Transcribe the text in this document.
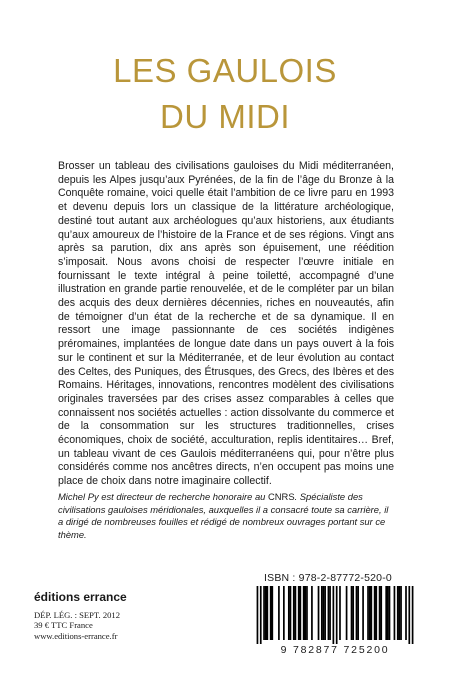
LES GAULOIS
DU MIDI
Brosser un tableau des civilisations gauloises du Midi méditerranéen, depuis les Alpes jusqu’aux Pyrénées, de la fin de l’âge du Bronze à la Conquête romaine, voici quelle était l’ambition de ce livre paru en 1993 et devenu depuis lors un classique de la littérature archéologique, destiné tout autant aux archéologues qu’aux historiens, aux étudiants qu’aux amoureux de l’histoire de la France et de ses régions. Vingt ans après sa parution, dix ans après son épuisement, une réédition s’imposait. Nous avons choisi de respecter l’œuvre initiale en fournissant le texte intégral à peine toiletté, accompagné d’une illustration en grande partie renouvelée, et de le compléter par un bilan des acquis des deux dernières décennies, riches en nouveautés, afin de témoigner d’un état de la recherche et de sa dynamique. Il en ressort une image passionnante de ces sociétés indigènes préromaines, implantées de longue date dans un pays ouvert à la fois sur le continent et sur la Méditerranée, et de leur évolution au contact des Celtes, des Puniques, des Étrusques, des Grecs, des Ibères et des Romains. Héritages, innovations, rencontres modèlent des civilisations originales traversées par des crises assez comparables à celles que connaissent nos sociétés actuelles : action dissolvante du commerce et de la consommation sur les structures traditionnelles, crises économiques, choix de société, acculturation, replis identitaires… Bref, un tableau vivant de ces Gaulois méditerranéens qui, pour n’être plus considérés comme nos ancêtres directs, n’en occupent pas moins une place de choix dans notre imaginaire collectif.
Michel Py est directeur de recherche honoraire au CNRS. Spécialiste des civilisations gauloises méridionales, auxquelles il a consacré toute sa carrière, il a dirigé de nombreuses fouilles et rédigé de nombreux ouvrages portant sur ce thème.
ISBN : 978-2-87772-520-0
éditions errance
DÉP. LÉG. : SEPT. 2012
39 € TTC France
www.editions-errance.fr
9 782877 725200
